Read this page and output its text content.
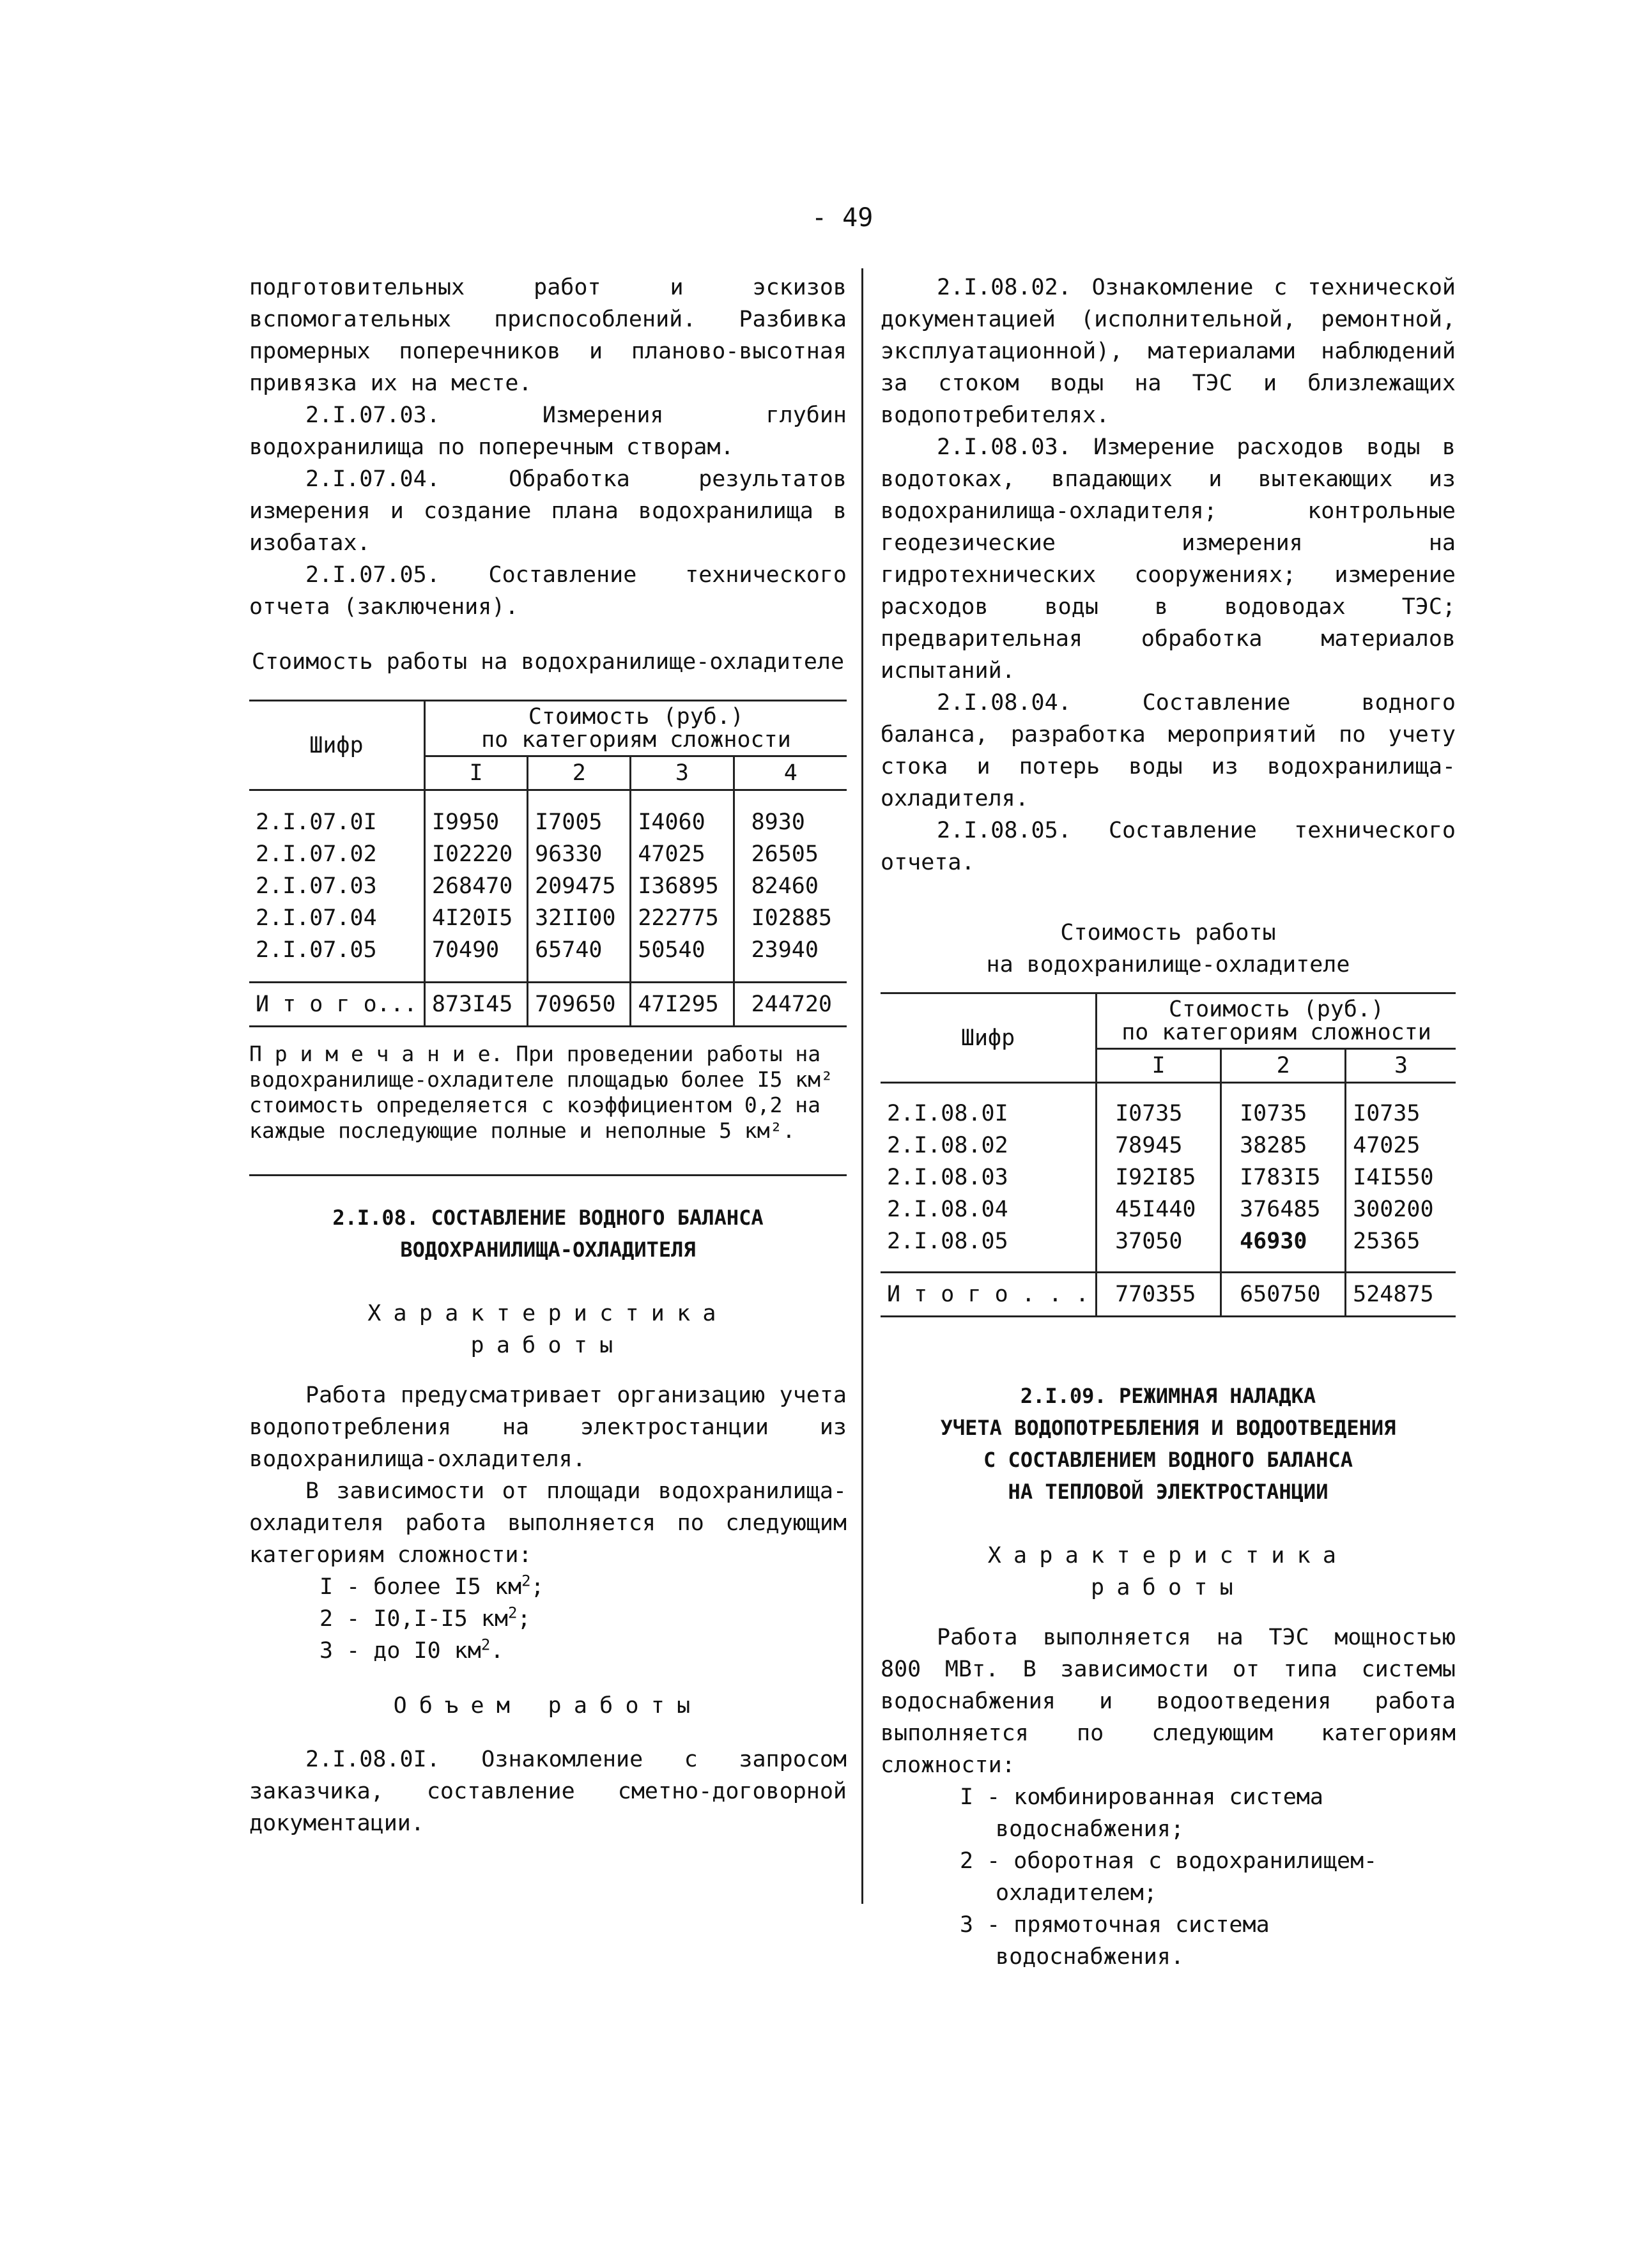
- 49

подготовительных работ и эскизов вспомогательных приспособлений. Разбивка промерных поперечников и планово-высотная привязка их на месте.

2.I.07.03. Измерения глубин водохранилища по поперечным створам.

2.I.07.04. Обработка результатов измерения и создание плана водохранилища в изобатах.

2.I.07.05. Составление технического отчета (заключения).

Стоимость работы на водохранилище-охладителе

Шифр	Стоимость (руб.)
по категориям сложности			
	I	2	3	4
2.I.07.0I	I9950	I7005	I4060	8930
2.I.07.02	I02220	96330	47025	26505
2.I.07.03	268470	209475	I36895	82460
2.I.07.04	4I20I5	32II00	222775	I02885
2.I.07.05	70490	65740	50540	23940
И т о г о...	873I45	709650	47I295	244720
П р и м е ч а н и е. При проведении работы на водохранилище-охладителе площадью более I5 км² стоимость определяется с коэффициентом 0,2 на каждые последующие полные и неполные 5 км².
2.I.08. СОСТАВЛЕНИЕ ВОДНОГО БАЛАНСА
ВОДОХРАНИЛИЩА-ОХЛАДИТЕЛЯ
Характеристика
работы

Работа предусматривает организацию учета водопотребления на электростанции из водохранилища-охладителя.

В зависимости от площади водохранилища-охладителя работа выполняется по следующим категориям сложности:

I - более I5 $км^2$;
2 - I0,I-I5 $км^2$;
3 - до I0 $км^2$.
Объем работы

2.I.08.0I. Ознакомление с запросом заказчика, составление сметно-договорной документации.

2.I.08.02. Ознакомление с технической документацией (исполнительной, ремонтной, эксплуатационной), материалами наблюдений за стоком воды на ТЭС и близлежащих водопотребителях.

2.I.08.03. Измерение расходов воды в водотоках, впадающих и вытекающих из водохранилища-охладителя; контрольные геодезические измерения на гидротехнических сооружениях; измерение расходов воды в водоводах ТЭС; предварительная обработка материалов испытаний.

2.I.08.04. Составление водного баланса, разработка мероприятий по учету стока и потерь воды из водохранилища-охладителя.

2.I.08.05. Составление технического отчета.

Стоимость работы
на водохранилище-охладителе
Шифр	Стоимость (руб.)
по категориям сложности		
	I	2	3
2.I.08.0I	I0735	I0735	I0735
2.I.08.02	78945	38285	47025
2.I.08.03	I92I85	I783I5	I4I550
2.I.08.04	45I440	376485	300200
2.I.08.05	37050	46930	25365
И т о г о . . .	770355	650750	524875
2.I.09. РЕЖИМНАЯ НАЛАДКА
УЧЕТА ВОДОПОТРЕБЛЕНИЯ И ВОДООТВЕДЕНИЯ
С СОСТАВЛЕНИЕМ ВОДНОГО БАЛАНСА
НА ТЕПЛОВОЙ ЭЛЕКТРОСТАНЦИИ
Характеристика
работы

Работа выполняется на ТЭС мощностью 800 МВт. В зависимости от типа системы водоснабжения и водоотведения работа выполняется по следующим категориям сложности:

I - комбинированная система водоснабжения;
2 - оборотная с водохранилищем-охладителем;
3 - прямоточная система водоснабжения.
